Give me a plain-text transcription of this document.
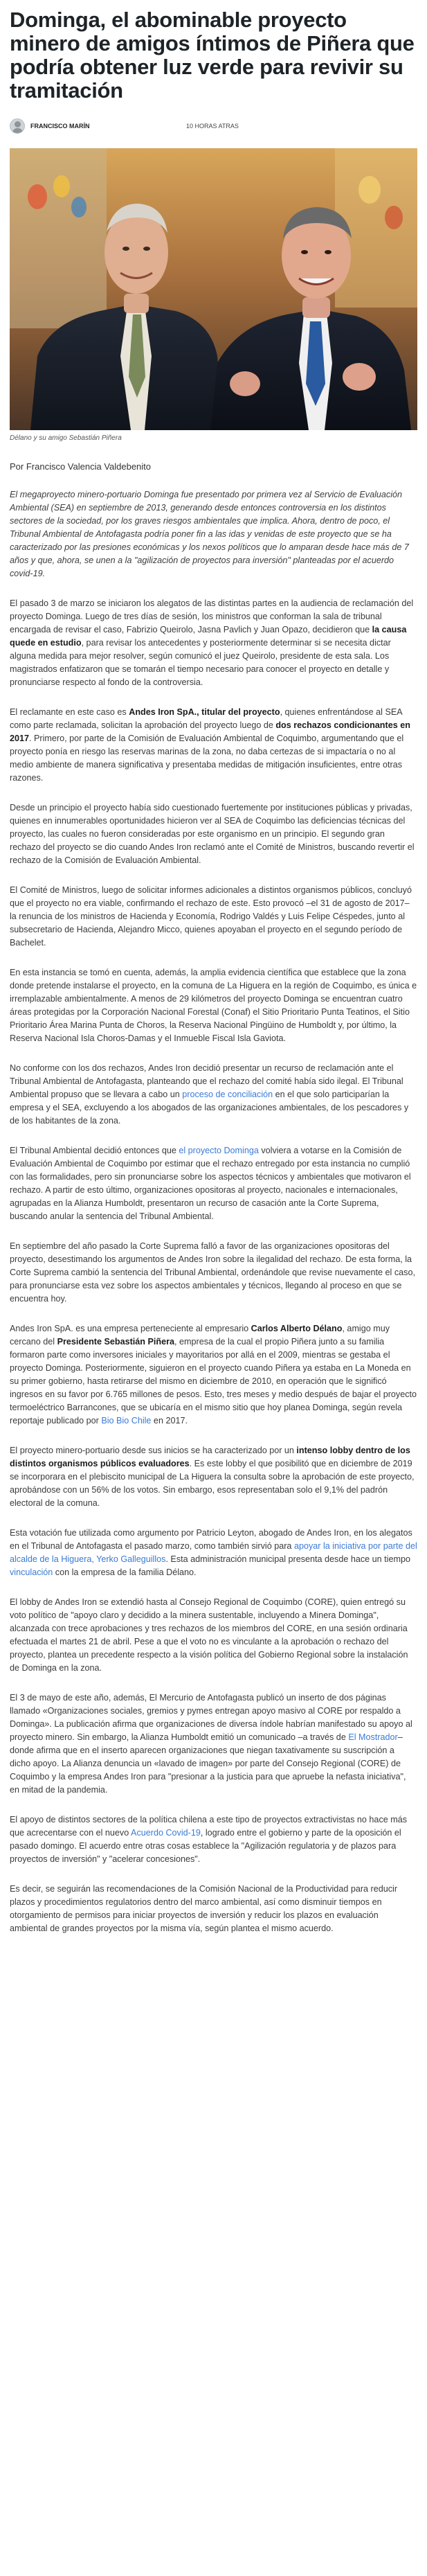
Dominga, el abominable proyecto minero de amigos íntimos de Piñera que podría obtener luz verde para revivir su tramitación
FRANCISCO MARÍN	10 HORAS ATRAS
Délano y su amigo Sebastián Piñera
Por Francisco Valencia Valdebenito

El megaproyecto minero-portuario Dominga fue presentado por primera vez al Servicio de Evaluación Ambiental (SEA) en septiembre de 2013, generando desde entonces controversia en los distintos sectores de la sociedad, por los graves riesgos ambientales que implica. Ahora, dentro de poco, el Tribunal Ambiental de Antofagasta podría poner fin a las idas y venidas de este proyecto que se ha caracterizado por las presiones económicas y los nexos políticos que lo amparan desde hace más de 7 años y que, ahora, se unen a la "agilización de proyectos para inversión" planteadas por el acuerdo covid-19.

El pasado 3 de marzo se iniciaron los alegatos de las distintas partes en la audiencia de reclamación del proyecto Dominga. Luego de tres días de sesión, los ministros que conforman la sala de tribunal encargada de revisar el caso, Fabrizio Queirolo, Jasna Pavlich y Juan Opazo, decidieron que la causa quede en estudio, para revisar los antecedentes y posteriormente determinar si se necesita dictar alguna medida para mejor resolver, según comunicó el juez Queirolo, presidente de esta sala. Los magistrados enfatizaron que se tomarán el tiempo necesario para conocer el proyecto en detalle y pronunciarse respecto al fondo de la controversia.

El reclamante en este caso es Andes Iron SpA., titular del proyecto, quienes enfrentándose al SEA como parte reclamada, solicitan la aprobación del proyecto luego de dos rechazos condicionantes en 2017. Primero, por parte de la Comisión de Evaluación Ambiental de Coquimbo, argumentando que el proyecto ponía en riesgo las reservas marinas de la zona, no daba certezas de si impactaría o no al medio ambiente de manera significativa y presentaba medidas de mitigación insuficientes, entre otras razones.

Desde un principio el proyecto había sido cuestionado fuertemente por instituciones públicas y privadas, quienes en innumerables oportunidades hicieron ver al SEA de Coquimbo las deficiencias técnicas del proyecto, las cuales no fueron consideradas por este organismo en un principio. El segundo gran rechazo del proyecto se dio cuando Andes Iron reclamó ante el Comité de Ministros, buscando revertir el rechazo de la Comisión de Evaluación Ambiental.

El Comité de Ministros, luego de solicitar informes adicionales a distintos organismos públicos, concluyó que el proyecto no era viable, confirmando el rechazo de este. Esto provocó –el 31 de agosto de 2017– la renuncia de los ministros de Hacienda y Economía, Rodrigo Valdés y Luis Felipe Céspedes, junto al subsecretario de Hacienda, Alejandro Micco, quienes apoyaban el proyecto en el segundo período de Bachelet.

En esta instancia se tomó en cuenta, además, la amplia evidencia científica que establece que la zona donde pretende instalarse el proyecto, en la comuna de La Higuera en la región de Coquimbo, es única e irremplazable ambientalmente. A menos de 29 kilómetros del proyecto Dominga se encuentran cuatro áreas protegidas por la Corporación Nacional Forestal (Conaf) el Sitio Prioritario Punta Teatinos, el Sitio Prioritario Área Marina Punta de Choros, la Reserva Nacional Pingüino de Humboldt y, por último, la Reserva Nacional Isla Choros-Damas y el Inmueble Fiscal Isla Gaviota.

No conforme con los dos rechazos, Andes Iron decidió presentar un recurso de reclamación ante el Tribunal Ambiental de Antofagasta, planteando que el rechazo del comité había sido ilegal. El Tribunal Ambiental propuso que se llevara a cabo un proceso de conciliación en el que solo participarían la empresa y el SEA, excluyendo a los abogados de las organizaciones ambientales, de los pescadores y de los habitantes de la zona.

El Tribunal Ambiental decidió entonces que el proyecto Dominga volviera a votarse en la Comisión de Evaluación Ambiental de Coquimbo por estimar que el rechazo entregado por esta instancia no cumplió con las formalidades, pero sin pronunciarse sobre los aspectos técnicos y ambientales que motivaron el rechazo. A partir de esto último, organizaciones opositoras al proyecto, nacionales e internacionales, agrupadas en la Alianza Humboldt, presentaron un recurso de casación ante la Corte Suprema, buscando anular la sentencia del Tribunal Ambiental.

En septiembre del año pasado la Corte Suprema falló a favor de las organizaciones opositoras del proyecto, desestimando los argumentos de Andes Iron sobre la ilegalidad del rechazo. De esta forma, la Corte Suprema cambió la sentencia del Tribunal Ambiental, ordenándole que revise nuevamente el caso, para pronunciarse esta vez sobre los aspectos ambientales y técnicos, llegando al proceso en que se encuentra hoy.

Andes Iron SpA. es una empresa perteneciente al empresario Carlos Alberto Délano, amigo muy cercano del Presidente Sebastián Piñera, empresa de la cual el propio Piñera junto a su familia formaron parte como inversores iniciales y mayoritarios por allá en el 2009, mientras se gestaba el proyecto Dominga. Posteriormente, siguieron en el proyecto cuando Piñera ya estaba en La Moneda en su primer gobierno, hasta retirarse del mismo en diciembre de 2010, en operación que le significó ingresos en su favor por 6.765 millones de pesos. Esto, tres meses y medio después de bajar el proyecto termoeléctrico Barrancones, que se ubicaría en el mismo sitio que hoy planea Dominga, según revela reportaje publicado por Bio Bio Chile en 2017.

El proyecto minero-portuario desde sus inicios se ha caracterizado por un intenso lobby dentro de los distintos organismos públicos evaluadores. Es este lobby el que posibilitó que en diciembre de 2019 se incorporara en el plebiscito municipal de La Higuera la consulta sobre la aprobación de este proyecto, aprobándose con un 56% de los votos. Sin embargo, esos representaban solo el 9,1% del padrón electoral de la comuna.

Esta votación fue utilizada como argumento por Patricio Leyton, abogado de Andes Iron, en los alegatos en el Tribunal de Antofagasta el pasado marzo, como también sirvió para apoyar la iniciativa por parte del alcalde de la Higuera, Yerko Galleguillos. Esta administración municipal presenta desde hace un tiempo vinculación con la empresa de la familia Délano.

El lobby de Andes Iron se extendió hasta al Consejo Regional de Coquimbo (CORE), quien entregó su voto político de "apoyo claro y decidido a la minera sustentable, incluyendo a Minera Dominga", alcanzada con trece aprobaciones y tres rechazos de los miembros del CORE, en una sesión ordinaria efectuada el martes 21 de abril. Pese a que el voto no es vinculante a la aprobación o rechazo del proyecto, plantea un precedente respecto a la visión política del Gobierno Regional sobre la instalación de Dominga en la zona.

El 3 de mayo de este año, además, El Mercurio de Antofagasta publicó un inserto de dos páginas llamado «Organizaciones sociales, gremios y pymes entregan apoyo masivo al CORE por respaldo a Dominga». La publicación afirma que organizaciones de diversa índole habrían manifestado su apoyo al proyecto minero. Sin embargo, la Alianza Humboldt emitió un comunicado –a través de El Mostrador– donde afirma que en el inserto aparecen organizaciones que niegan taxativamente su suscripción a dicho apoyo. La Alianza denuncia un «lavado de imagen» por parte del Consejo Regional (CORE) de Coquimbo y la empresa Andes Iron para "presionar a la justicia para que apruebe la nefasta iniciativa", en mitad de la pandemia.

El apoyo de distintos sectores de la política chilena a este tipo de proyectos extractivistas no hace más que acrecentarse con el nuevo Acuerdo Covid-19, logrado entre el gobierno y parte de la oposición el pasado domingo. El acuerdo entre otras cosas establece la "Agilización regulatoria y de plazos para proyectos de inversión" y "acelerar concesiones".

Es decir, se seguirán las recomendaciones de la Comisión Nacional de la Productividad para reducir plazos y procedimientos regulatorios dentro del marco ambiental, así como disminuir tiempos en otorgamiento de permisos para iniciar proyectos de inversión y reducir los plazos en evaluación ambiental de grandes proyectos por la misma vía, según plantea el mismo acuerdo.
